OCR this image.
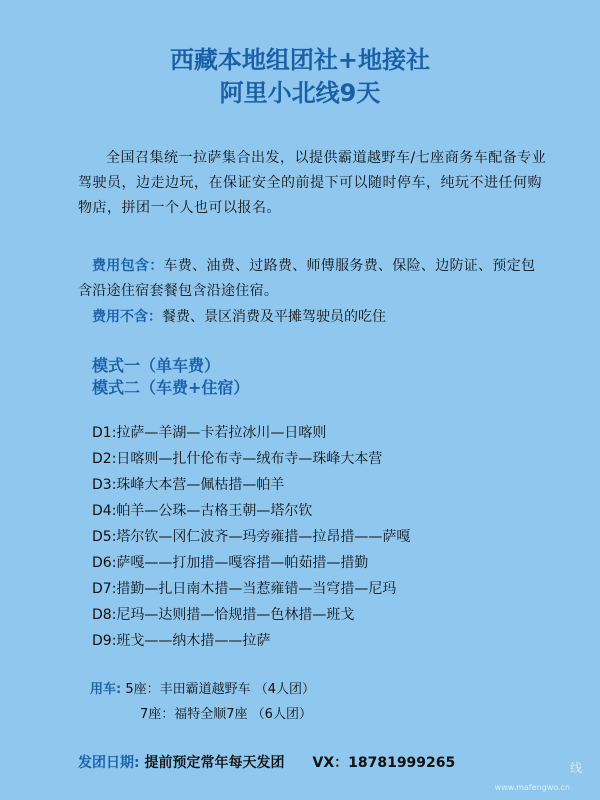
西藏本地组团社+地接社
阿里小北线9天

全国召集统一拉萨集合出发，以提供霸道越野车/七座商务车配备专业驾驶员，边走边玩，在保证安全的前提下可以随时停车，纯玩不进任何购物店，拼团一个人也可以报名。

费用包含：车费、油费、过路费、师傅服务费、保险、边防证、预定包含沿途住宿套餐包含沿途住宿。

费用不含：餐费、景区消费及平摊驾驶员的吃住

模式一（单车费）
模式二（车费+住宿）
D1:拉萨—羊湖—卡若拉冰川—日喀则
D2:日喀则—扎什伦布寺—绒布寺—珠峰大本营
D3:珠峰大本营—佩枯措—帕羊
D4:帕羊—公珠—古格王朝—塔尔钦
D5:塔尔钦—冈仁波齐—玛旁雍措—拉昂措——萨嘎
D6:萨嘎——打加措—嘎容措—帕茹措—措勤
D7:措勤—扎日南木措—当惹雍错—当穹措—尼玛
D8:尼玛—达则措—恰规措—色林措—班戈
D9:班戈——纳木措——拉萨
用车: 5座：丰田霸道越野车 （4人团）
7座：福特全顺7座 （6人团）
发团日期: 提前预定常年每天发团 VX：18781999265	线
www.mafengwo.cn
